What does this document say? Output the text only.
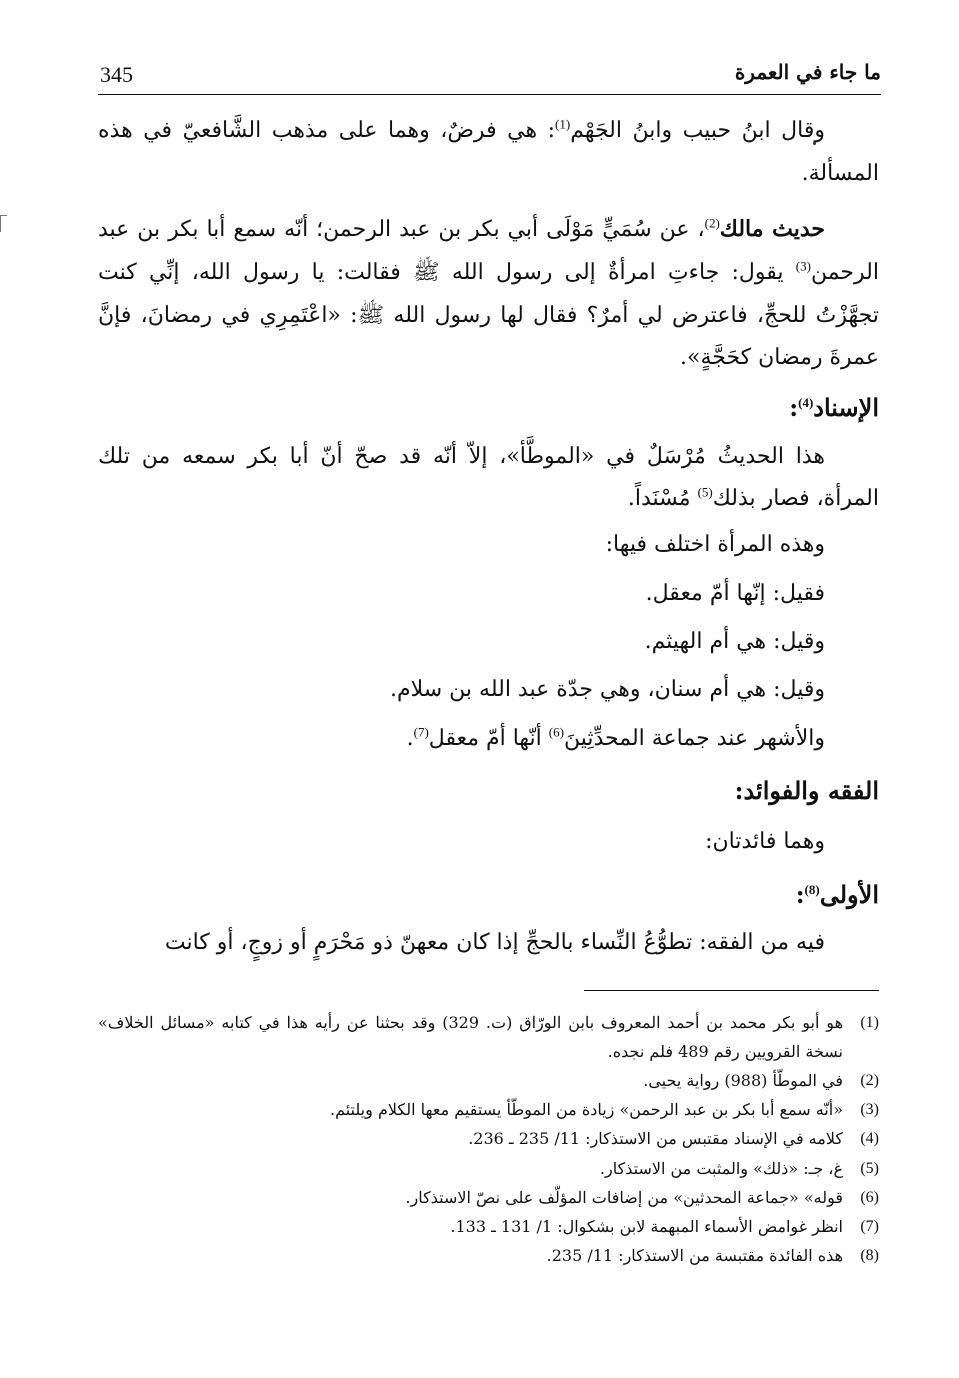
345	ما جاء في العمرة

وقال ابنُ حبيب وابنُ الجَهْم$^{(1)}$: هي فرضٌ، وهما على مذهب الشَّافعيّ في هذه المسألة.

حديث مالك$^{(2)}$، عن سُمَيٍّ مَوْلَى أبي بكر بن عبد الرحمن؛ أنّه سمع أبا بكر بن عبد الرحمن$^{(3)}$ يقول: جاءتِ امرأةٌ إلى رسول الله ﷺ فقالت: يا رسول الله، إنِّي كنت تجهَّزْتُ للحجِّ، فاعترض لي أمرٌ؟ فقال لها رسول الله ﷺ: «اعْتَمِرِي في رمضانَ، فإنَّ عمرةَ رمضان كحَجَّةٍ».

الإسناد$^{(4)}$:

هذا الحديثُ مُرْسَلٌ في «الموطَّأ»، إلاّ أنّه قد صحّ أنّ أبا بكر سمعه من تلك المرأة، فصار بذلك$^{(5)}$ مُسْنَداً.

وهذه المرأة اختلف فيها:
فقيل: إنّها أمّ معقل.
وقيل: هي أم الهيثم.
وقيل: هي أم سنان، وهي جدّة عبد الله بن سلام.
والأشهر عند جماعة المحدِّثِينَ$^{(6)}$ أنّها أمّ معقل$^{(7)}$.
الفقه والفوائد:
وهما فائدتان:
الأولى$^{(8)}$:

فيه من الفقه: تطوُّعُ النِّساء بالحجِّ إذا كان معهنّ ذو مَحْرَمٍ أو زوجٍ، أو كانت

(1)
هو أبو بكر محمد بن أحمد المعروف بابن الورّاق (ت. 329) وقد بحثنا عن رأيه هذا في كتابه «مسائل الخلاف» نسخة القرويين رقم 489 فلم نجده.
(2)
في الموطّأ (988) رواية يحيى.
(3)
«أنّه سمع أبا بكر بن عبد الرحمن» زيادة من الموطّأ يستقيم معها الكلام ويلتئم.
(4)
كلامه في الإسناد مقتبس من الاستذكار: 11/ 235 ـ 236.
(5)
غ، جـ: «ذلك» والمثبت من الاستذكار.
(6)
قوله» «جماعة المحدثين» من إضافات المؤلّف على نصّ الاستذكار.
(7)
انظر غوامض الأسماء المبهمة لابن بشكوال: 1/ 131 ـ 133.
(8)
هذه الفائدة مقتبسة من الاستذكار: 11/ 235.
